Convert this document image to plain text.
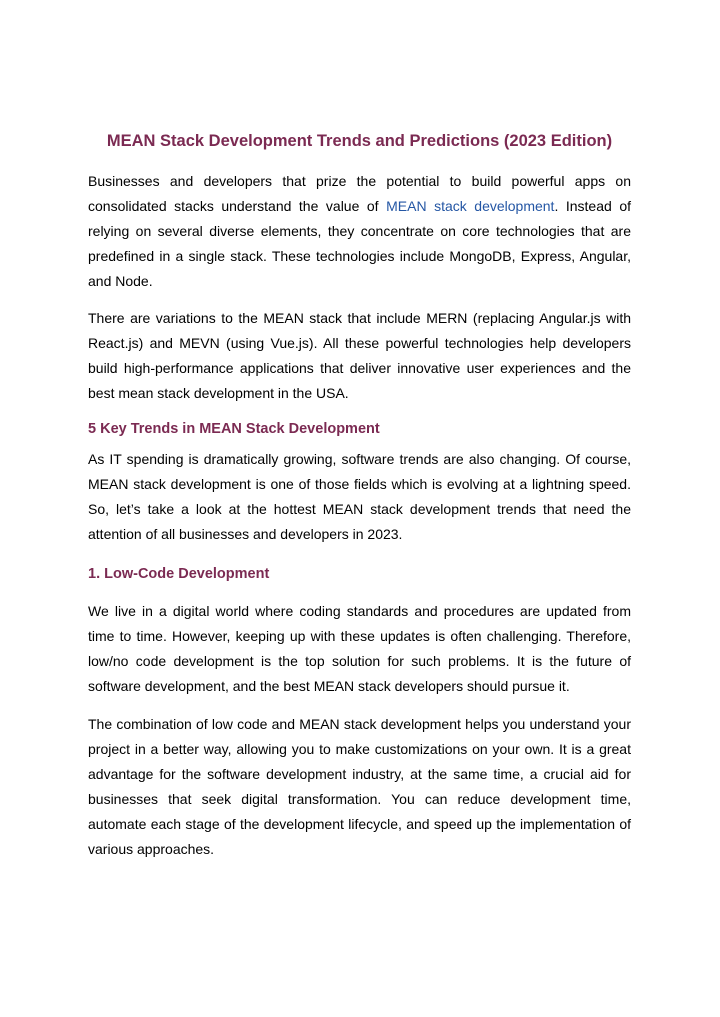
MEAN Stack Development Trends and Predictions (2023 Edition)

Businesses and developers that prize the potential to build powerful apps on consolidated stacks understand the value of MEAN stack development. Instead of relying on several diverse elements, they concentrate on core technologies that are predefined in a single stack. These technologies include MongoDB, Express, Angular, and Node.

There are variations to the MEAN stack that include MERN (replacing Angular.js with React.js) and MEVN (using Vue.js). All these powerful technologies help developers build high-performance applications that deliver innovative user experiences and the best mean stack development in the USA.

5 Key Trends in MEAN Stack Development

As IT spending is dramatically growing, software trends are also changing. Of course, MEAN stack development is one of those fields which is evolving at a lightning speed. So, let’s take a look at the hottest MEAN stack development trends that need the attention of all businesses and developers in 2023.

1. Low-Code Development

We live in a digital world where coding standards and procedures are updated from time to time. However, keeping up with these updates is often challenging. Therefore, low/no code development is the top solution for such problems. It is the future of software development, and the best MEAN stack developers should pursue it.

The combination of low code and MEAN stack development helps you understand your project in a better way, allowing you to make customizations on your own. It is a great advantage for the software development industry, at the same time, a crucial aid for businesses that seek digital transformation. You can reduce development time, automate each stage of the development lifecycle, and speed up the implementation of various approaches.
